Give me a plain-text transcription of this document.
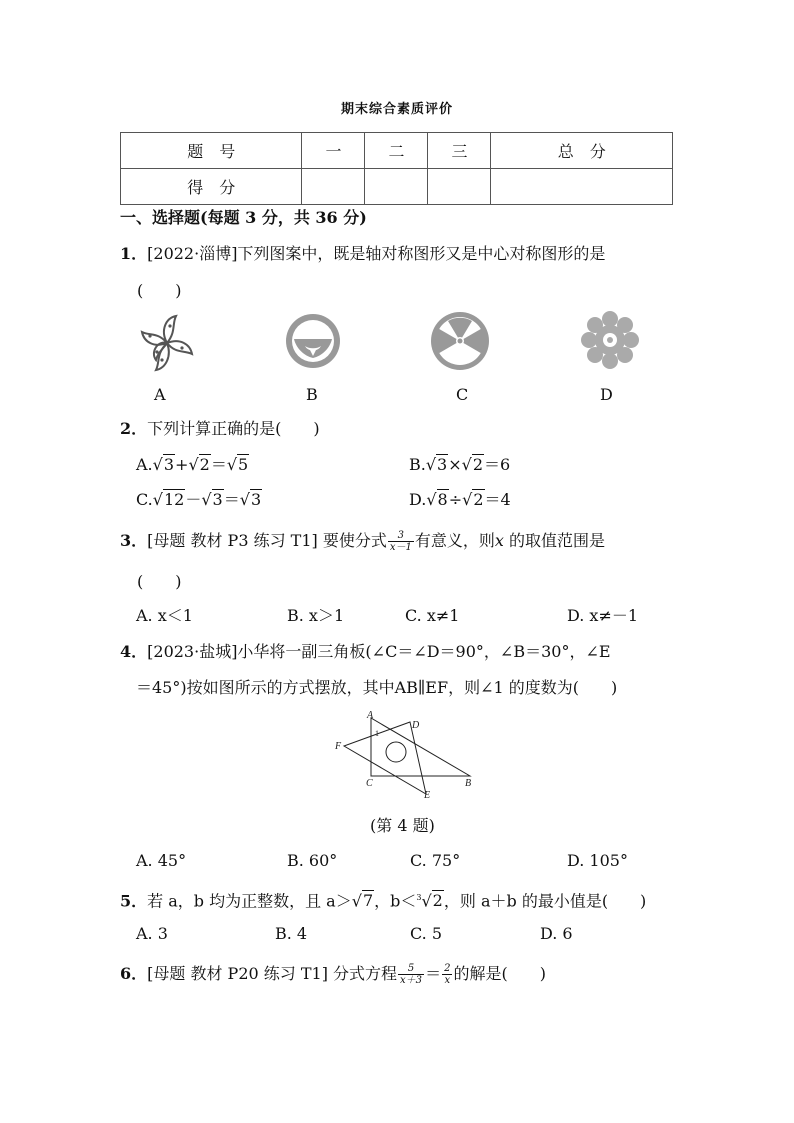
期末综合素质评价
题　号	一	二	三	总　分
得　分				
一、选择题(每题 3 分，共 36 分)
1．[2022·淄博]下列图案中，既是轴对称图形又是中心对称图形的是
(　　)
A	B	C	D
2．下列计算正确的是(　　)
A.√3+√2＝√5	B.√3×√2＝6
C.√12－√3＝√3	D.√8÷√2＝4
3．[母题 教材 P3 练习 T1] 要使分式 $\frac{3}{x-1}$ 有意义，则x 的取值范围是
(　　)
A. x＜1	B. x＞1	C. x≠1	D. x≠－1
4．[2023·盐城]小华将一副三角板(∠C＝∠D＝90°，∠B＝30°，∠E
＝45°)按如图所示的方式摆放，其中AB∥EF，则∠1 的度数为(　　)
A
D
F
C	B
E
1
(第 4 题)
A. 45°	B. 60°	C. 75°	D. 105°
5．若 a，b 均为正整数，且 a＞√7，b＜$^3$√2，则 a＋b 的最小值是(　　)
A. 3	B. 4	C. 5	D. 6
6．[母题 教材 P20 练习 T1] 分式方程 $\frac{5}{x+3} = \frac{2}{x}$ 的解是(　　)
